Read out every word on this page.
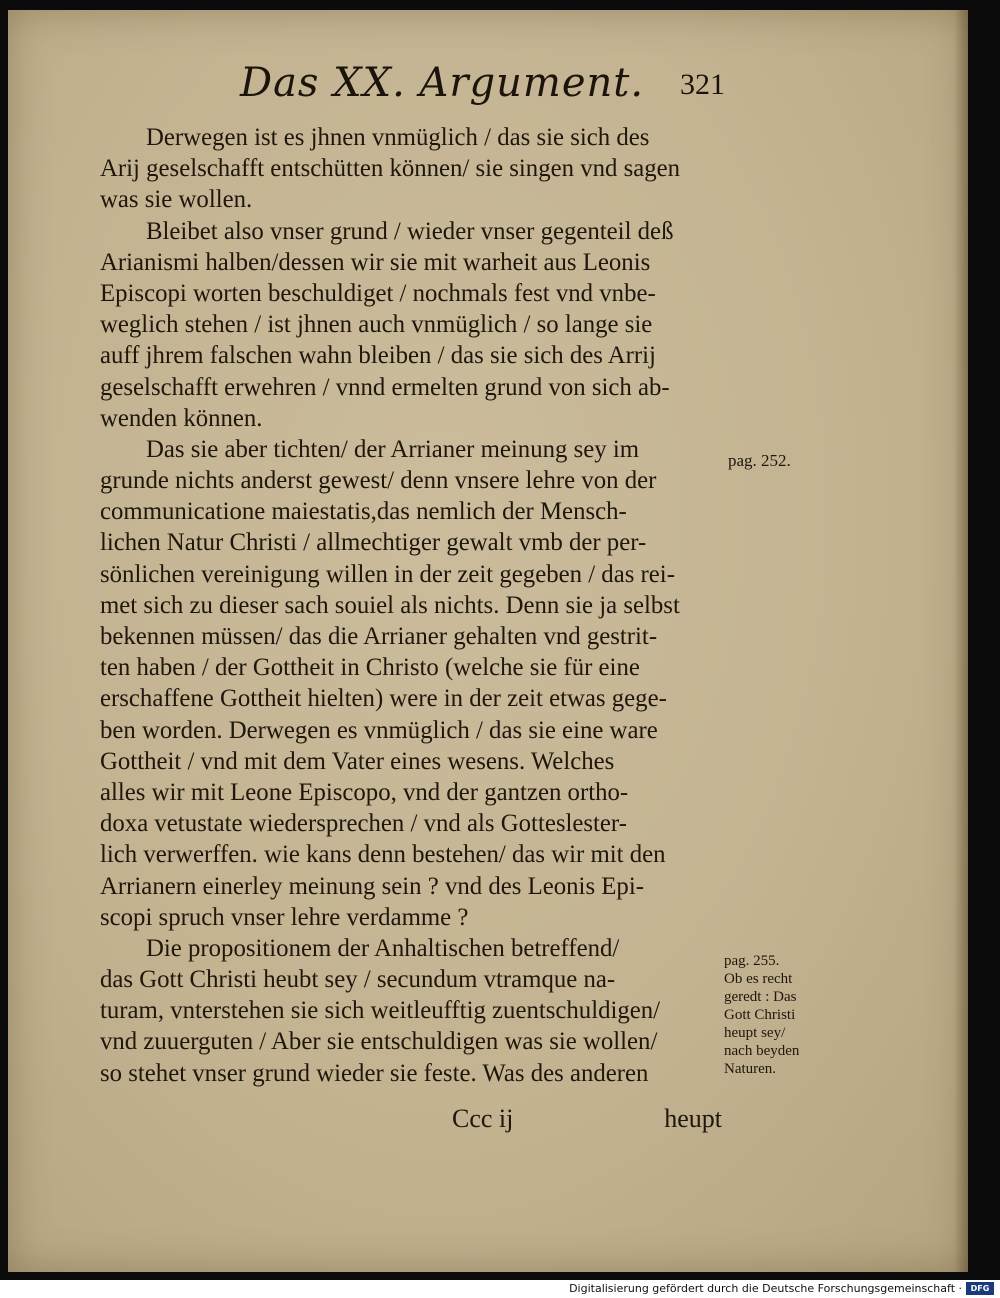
Das XX. Argument. 321
Derwegen ist es jhnen vnmüglich / das sie sich des
Arij geselschafft entschütten können/ sie singen vnd sagen
was sie wollen.
Bleibet also vnser grund / wieder vnser gegenteil deß
Arianismi halben/dessen wir sie mit warheit aus Leonis
Episcopi worten beschuldiget / nochmals fest vnd vnbe-
weglich stehen / ist jhnen auch vnmüglich / so lange sie
auff jhrem falschen wahn bleiben / das sie sich des Arrij
geselschafft erwehren / vnnd ermelten grund von sich ab-
wenden können.
Das sie aber tichten/ der Arrianer meinung sey im
grunde nichts anderst gewest/ denn vnsere lehre von der
communicatione maiestatis,das nemlich der Mensch-
lichen Natur Christi / allmechtiger gewalt vmb der per-
sönlichen vereinigung willen in der zeit gegeben / das rei-
met sich zu dieser sach souiel als nichts. Denn sie ja selbst
bekennen müssen/ das die Arrianer gehalten vnd gestrit-
ten haben / der Gottheit in Christo (welche sie für eine
erschaffene Gottheit hielten) were in der zeit etwas gege-
ben worden. Derwegen es vnmüglich / das sie eine ware
Gottheit / vnd mit dem Vater eines wesens. Welches
alles wir mit Leone Episcopo, vnd der gantzen ortho-
doxa vetustate wiedersprechen / vnd als Gotteslester-
lich verwerffen. wie kans denn bestehen/ das wir mit den
Arrianern einerley meinung sein ? vnd des Leonis Epi-
scopi spruch vnser lehre verdamme ?
Die propositionem der Anhaltischen betreffend/
das Gott Christi heubt sey / secundum vtramque na-
turam, vnterstehen sie sich weitleufftig zuentschuldigen/
vnd zuuerguten / Aber sie entschuldigen was sie wollen/
so stehet vnser grund wieder sie feste. Was des anderen
pag. 252.
pag. 255.
Ob es recht
geredt : Das
Gott Christi
heupt sey/
nach beyden
Naturen.
Ccc ij	heupt
Digitalisierung gefördert durch die Deutsche Forschungsgemeinschaft ·	DFG
